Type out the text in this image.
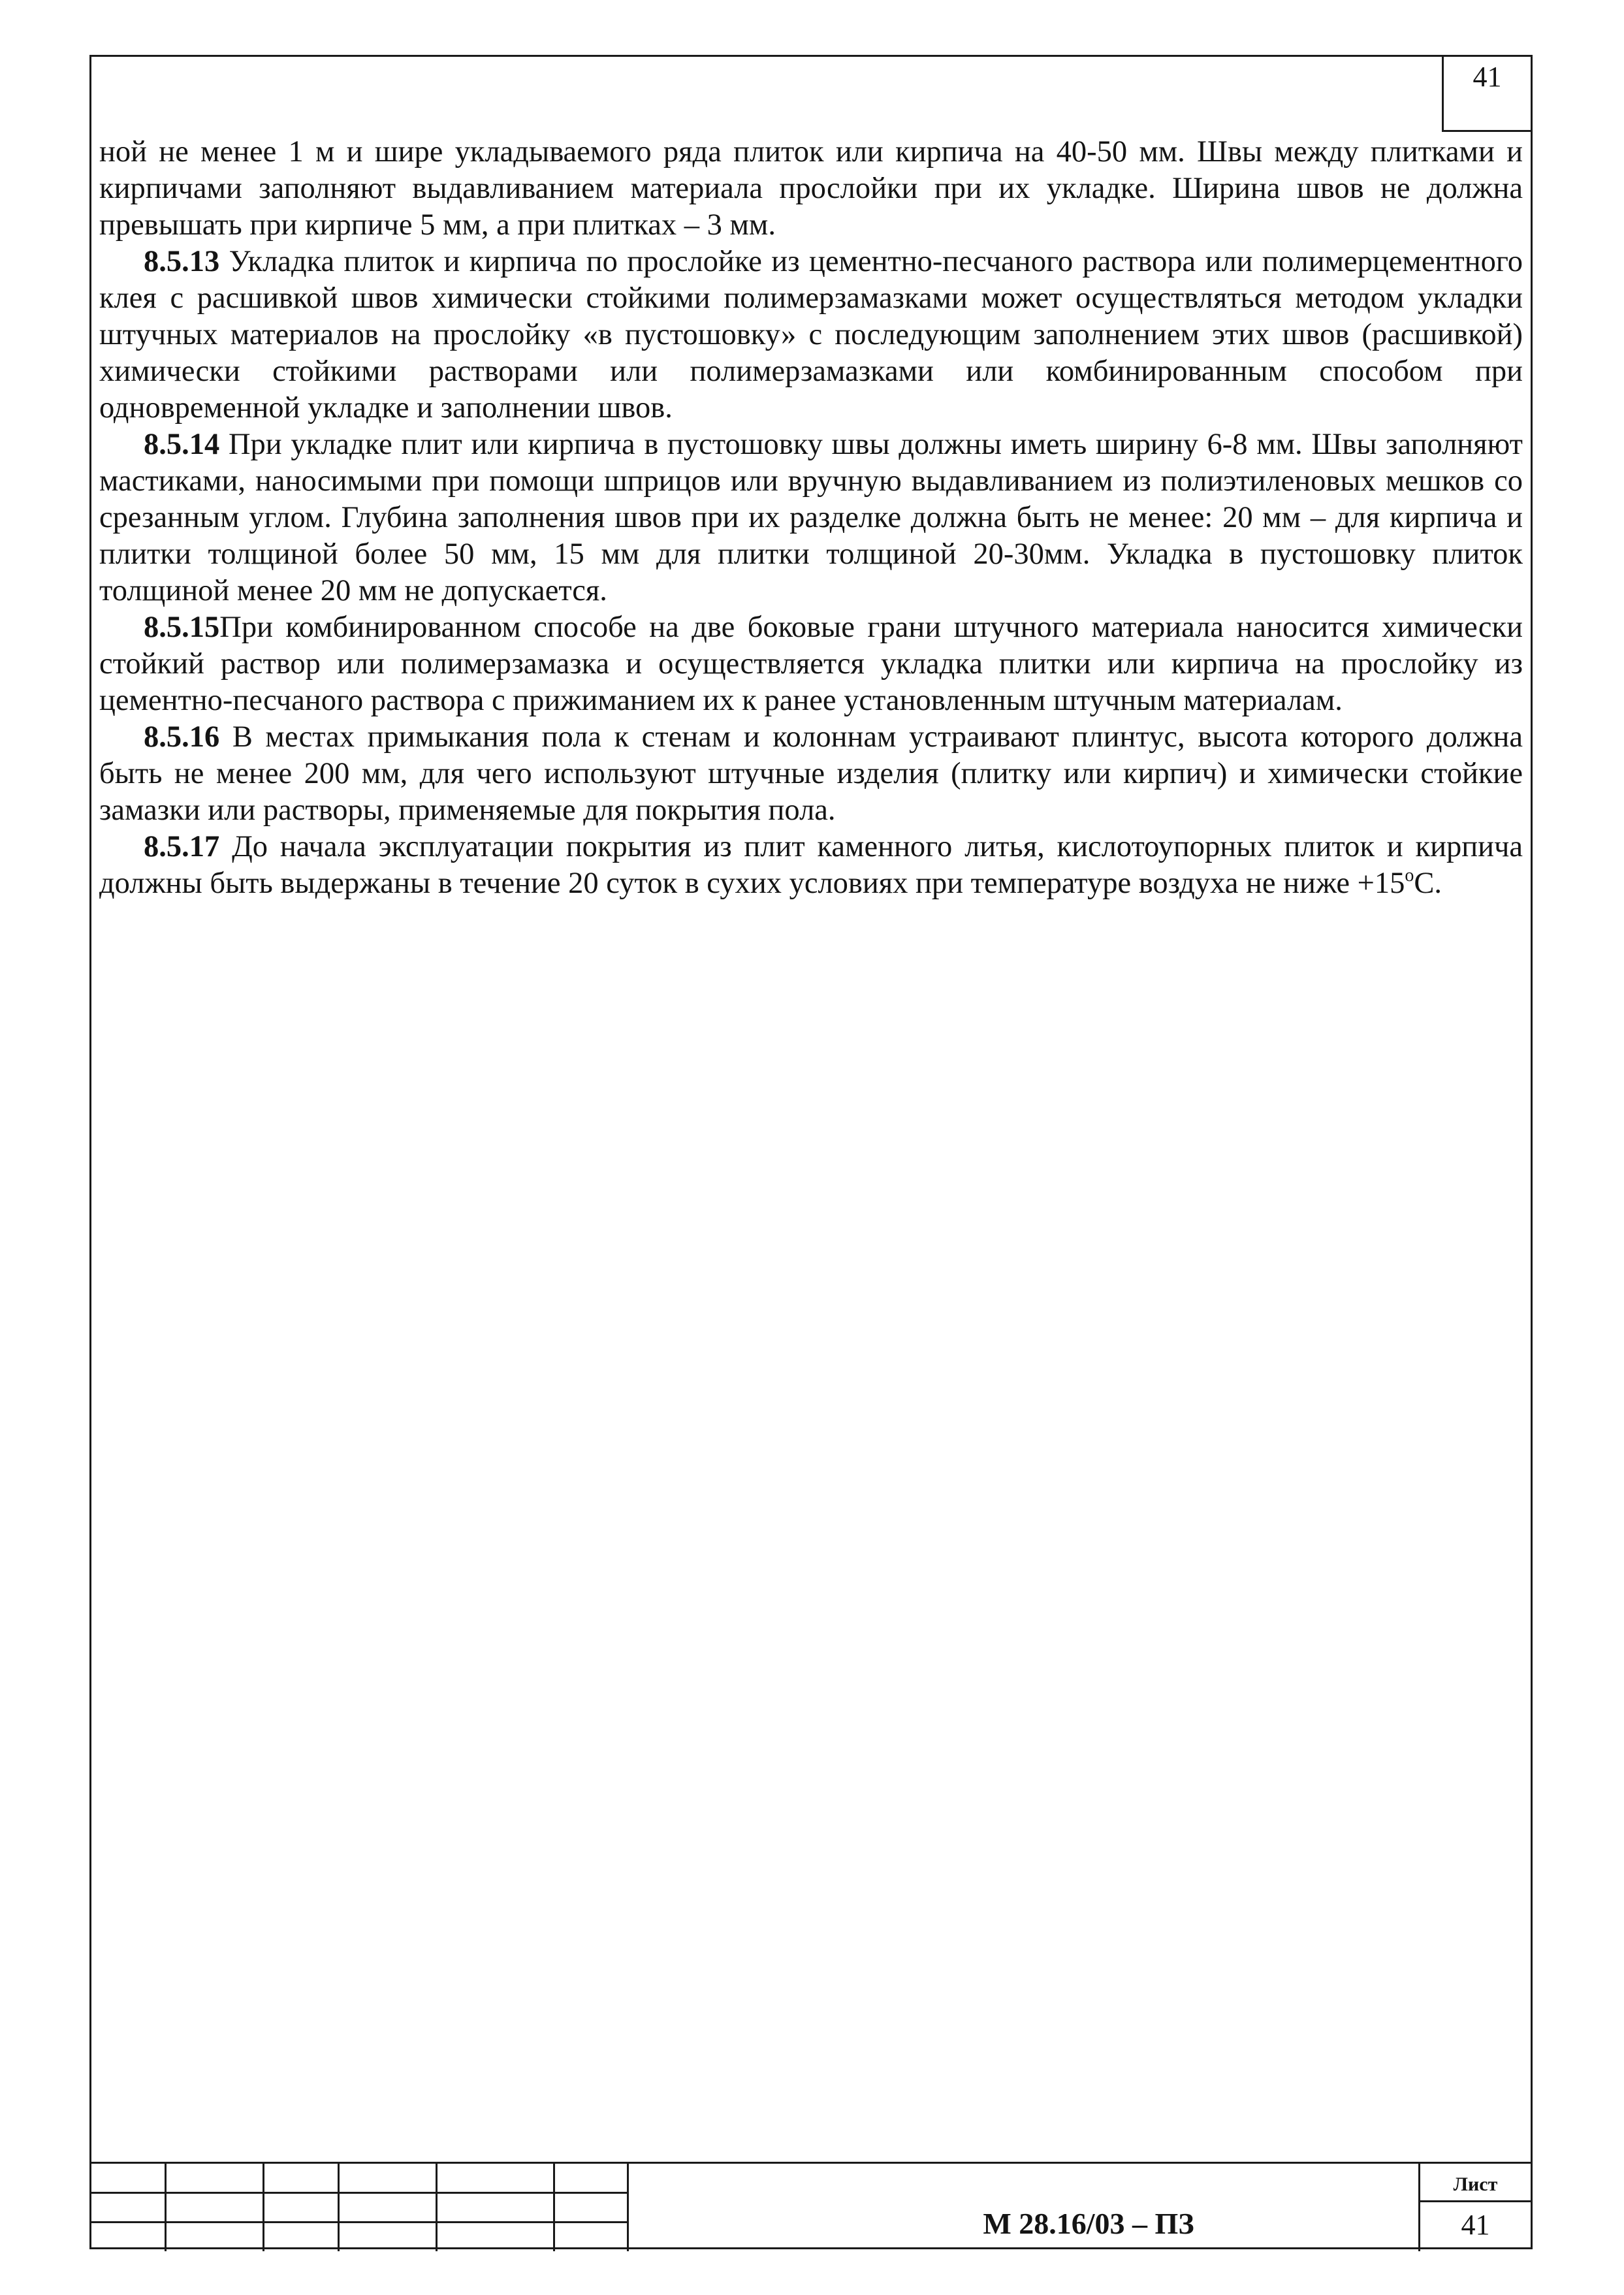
41

ной не менее 1 м и шире укладываемого ряда плиток или кирпича на 40-50 мм. Швы между плитками и кирпичами заполняют выдавливанием материала прослойки при их укладке. Ширина швов не должна превышать при кирпиче 5 мм, а при плитках – 3 мм.

8.5.13 Укладка плиток и кирпича по прослойке из цементно-песчаного раствора или полимерцементного клея с расшивкой швов химически стойкими полимерзамазками может осуществляться методом укладки штучных материалов на прослойку «в пустошовку» с последующим заполнением этих швов (расшивкой) химически стойкими растворами или полимерзамазками или комбинированным способом при одновременной укладке и заполнении швов.

8.5.14 При укладке плит или кирпича в пустошовку швы должны иметь ширину 6-8 мм. Швы заполняют мастиками, наносимыми при помощи шприцов или вручную выдавливанием из полиэтиленовых мешков со срезанным углом. Глубина заполнения швов при их разделке должна быть не менее: 20 мм – для кирпича и плитки толщиной более 50 мм, 15 мм для плитки толщиной 20-30мм. Укладка в пустошовку плиток толщиной менее 20 мм не допускается.

8.5.15При комбинированном способе на две боковые грани штучного материала наносится химически стойкий раствор или полимерзамазка и осуществляется укладка плитки или кирпича на прослойку из цементно-песчаного раствора с прижиманием их к ранее установленным штучным материалам.

8.5.16 В местах примыкания пола к стенам и колоннам устраивают плинтус, высота которого должна быть не менее 200 мм, для чего используют штучные изделия (плитку или кирпич) и химически стойкие замазки или растворы, применяемые для покрытия пола.

8.5.17 До начала эксплуатации покрытия из плит каменного литья, кислотоупорных плиток и кирпича должны быть выдержаны в течение 20 суток в сухих условиях при температуре воздуха не ниже $+15^oС$.

М 28.16/03 – ПЗ
Лист
41
